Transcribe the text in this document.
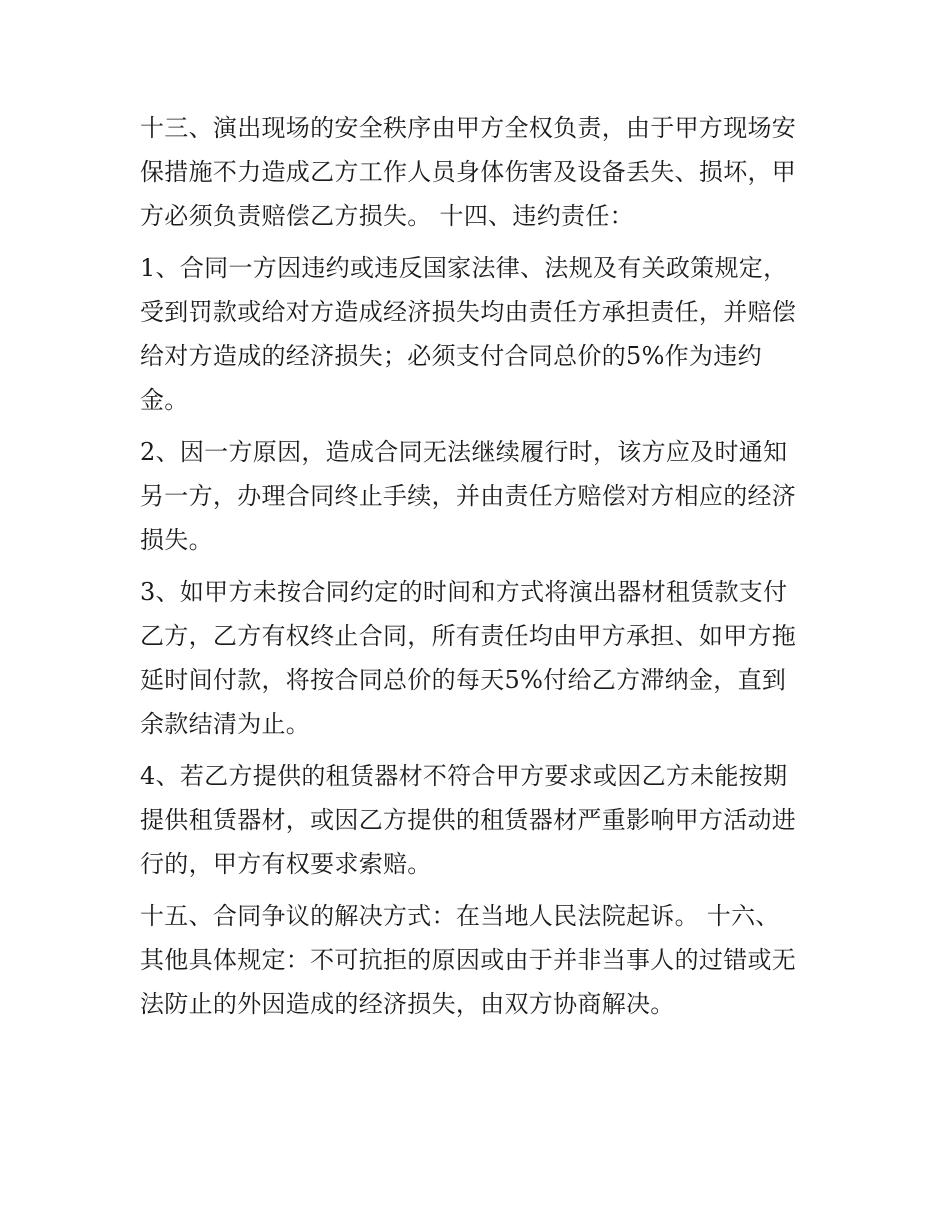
十三、演出现场的安全秩序由甲方全权负责，由于甲方现场安
保措施不力造成乙方工作人员身体伤害及设备丢失、损坏，甲
方必须负责赔偿乙方损失。 十四、违约责任：
1、合同一方因违约或违反国家法律、法规及有关政策规定，
受到罚款或给对方造成经济损失均由责任方承担责任，并赔偿
给对方造成的经济损失；必须支付合同总价的5%作为违约
金。
2、因一方原因，造成合同无法继续履行时，该方应及时通知
另一方，办理合同终止手续，并由责任方赔偿对方相应的经济
损失。
3、如甲方未按合同约定的时间和方式将演出器材租赁款支付
乙方，乙方有权终止合同，所有责任均由甲方承担、如甲方拖
延时间付款，将按合同总价的每天5%付给乙方滞纳金，直到
余款结清为止。
4、若乙方提供的租赁器材不符合甲方要求或因乙方未能按期
提供租赁器材，或因乙方提供的租赁器材严重影响甲方活动进
行的，甲方有权要求索赔。
十五、合同争议的解决方式：在当地人民法院起诉。 十六、
其他具体规定：不可抗拒的原因或由于并非当事人的过错或无
法防止的外因造成的经济损失，由双方协商解决。
